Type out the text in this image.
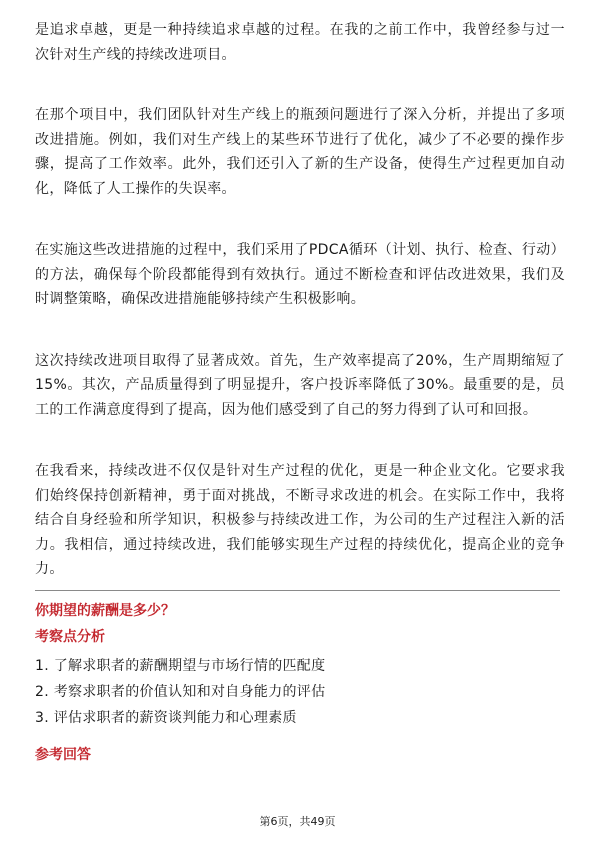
是追求卓越，更是一种持续追求卓越的过程。在我的之前工作中，我曾经参与过一次针对生产线的持续改进项目。

在那个项目中，我们团队针对生产线上的瓶颈问题进行了深入分析，并提出了多项改进措施。例如，我们对生产线上的某些环节进行了优化，减少了不必要的操作步骤，提高了工作效率。此外，我们还引入了新的生产设备，使得生产过程更加自动化，降低了人工操作的失误率。

在实施这些改进措施的过程中，我们采用了PDCA循环（计划、执行、检查、行动）的方法，确保每个阶段都能得到有效执行。通过不断检查和评估改进效果，我们及时调整策略，确保改进措施能够持续产生积极影响。

这次持续改进项目取得了显著成效。首先，生产效率提高了20%，生产周期缩短了15%。其次，产品质量得到了明显提升，客户投诉率降低了30%。最重要的是，员工的工作满意度得到了提高，因为他们感受到了自己的努力得到了认可和回报。

在我看来，持续改进不仅仅是针对生产过程的优化，更是一种企业文化。它要求我们始终保持创新精神，勇于面对挑战，不断寻求改进的机会。在实际工作中，我将结合自身经验和所学知识，积极参与持续改进工作，为公司的生产过程注入新的活力。我相信，通过持续改进，我们能够实现生产过程的持续优化，提高企业的竞争力。

你期望的薪酬是多少？
考察点分析
1. 了解求职者的薪酬期望与市场行情的匹配度
2. 考察求职者的价值认知和对自身能力的评估
3. 评估求职者的薪资谈判能力和心理素质
参考回答
第6页，共49页
